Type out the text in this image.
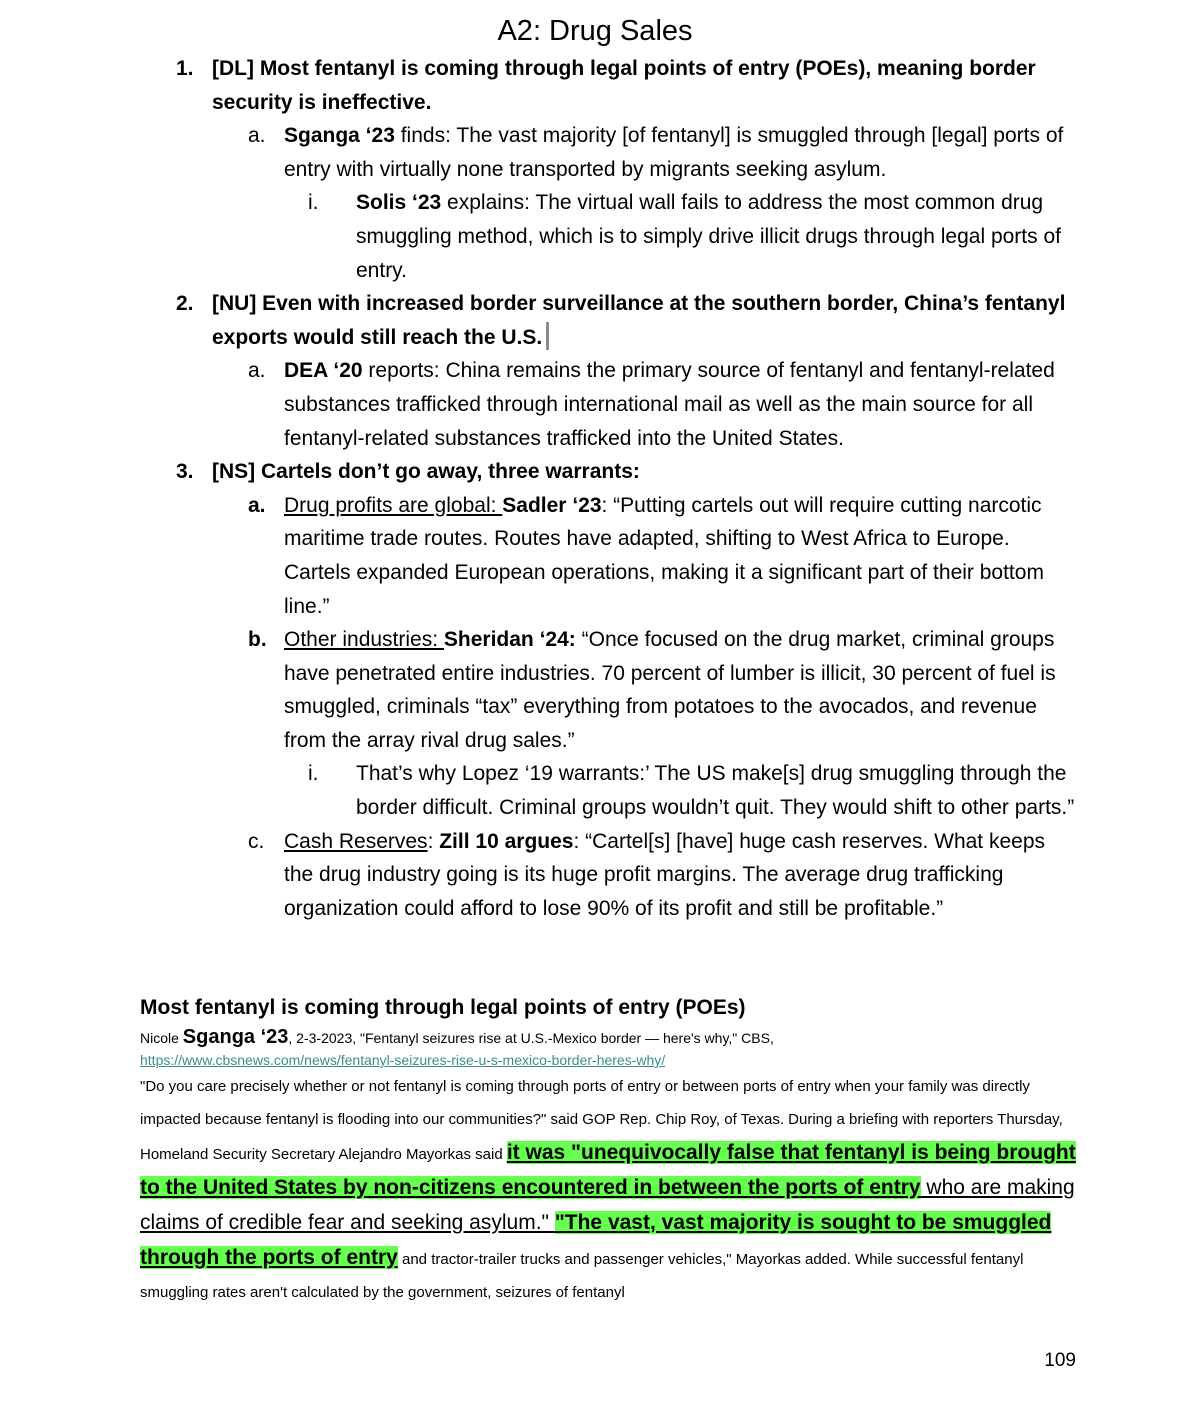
A2: Drug Sales
1. [DL] Most fentanyl is coming through legal points of entry (POEs), meaning border security is ineffective.
a. Sganga ‘23 finds: The vast majority [of fentanyl] is smuggled through [legal] ports of entry with virtually none transported by migrants seeking asylum.
i. Solis ‘23 explains: The virtual wall fails to address the most common drug smuggling method, which is to simply drive illicit drugs through legal ports of entry.
2. [NU] Even with increased border surveillance at the southern border, China’s fentanyl exports would still reach the U.S.
a. DEA ‘20 reports: China remains the primary source of fentanyl and fentanyl-related substances trafficked through international mail as well as the main source for all fentanyl-related substances trafficked into the United States.
3. [NS] Cartels don’t go away, three warrants:
a. Drug profits are global: Sadler ‘23: “Putting cartels out will require cutting narcotic maritime trade routes. Routes have adapted, shifting to West Africa to Europe. Cartels expanded European operations, making it a significant part of their bottom line.”
b. Other industries: Sheridan ‘24: “Once focused on the drug market, criminal groups have penetrated entire industries. 70 percent of lumber is illicit, 30 percent of fuel is smuggled, criminals “tax” everything from potatoes to the avocados, and revenue from the array rival drug sales.”
i. That’s why Lopez ‘19 warrants:’ The US make[s] drug smuggling through the border difficult. Criminal groups wouldn’t quit. They would shift to other parts.”
c. Cash Reserves: Zill 10 argues: “Cartel[s] [have] huge cash reserves. What keeps the drug industry going is its huge profit margins. The average drug trafficking organization could afford to lose 90% of its profit and still be profitable.”
Most fentanyl is coming through legal points of entry (POEs)
Nicole Sganga ‘23, 2-3-2023, "Fentanyl seizures rise at U.S.-Mexico border — here's why," CBS,
https://www.cbsnews.com/news/fentanyl-seizures-rise-u-s-mexico-border-heres-why/
"Do you care precisely whether or not fentanyl is coming through ports of entry or between ports of entry when your family was directly impacted because fentanyl is flooding into our communities?" said GOP Rep. Chip Roy, of Texas. During a briefing with reporters Thursday, Homeland Security Secretary Alejandro Mayorkas said it was "unequivocally false that fentanyl is being brought to the United States by non-citizens encountered in between the ports of entry who are making claims of credible fear and seeking asylum." "The vast, vast majority is sought to be smuggled through the ports of entry and tractor-trailer trucks and passenger vehicles," Mayorkas added. While successful fentanyl smuggling rates aren't calculated by the government, seizures of fentanyl
109
